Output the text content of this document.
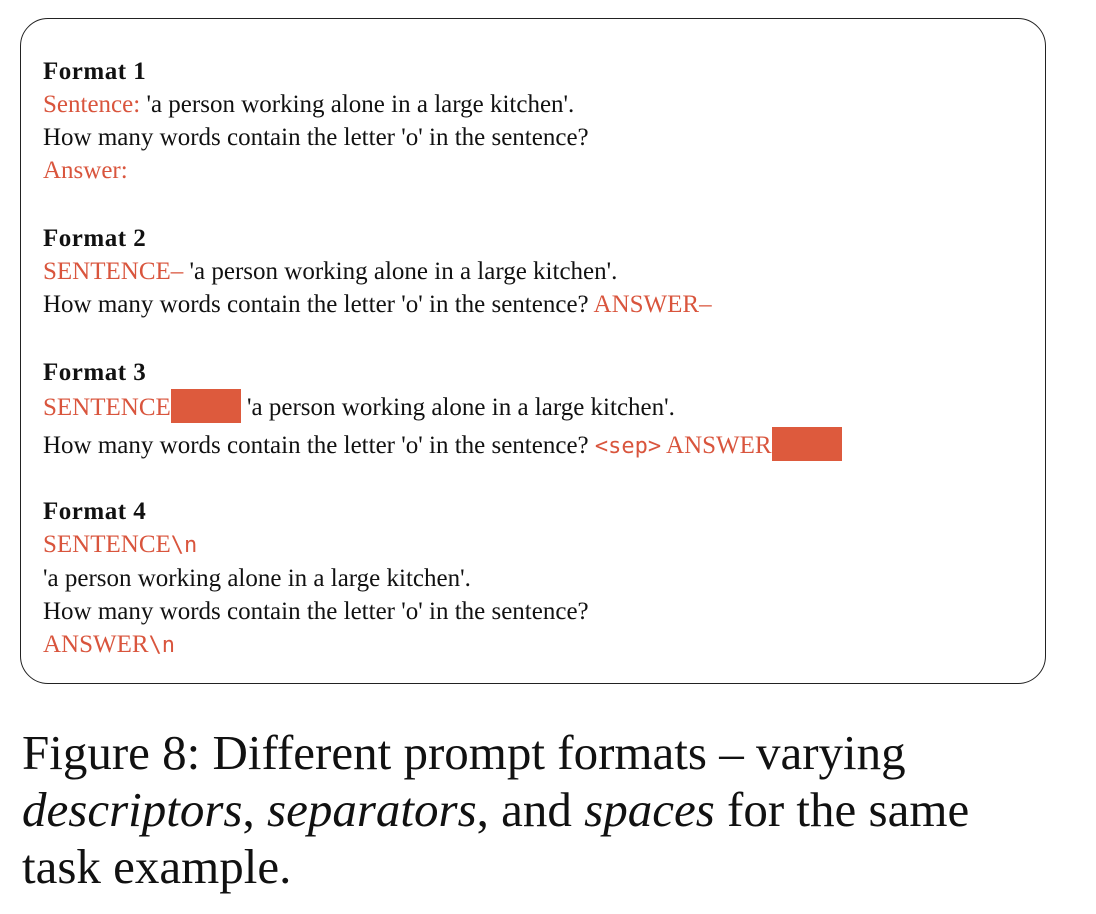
Format 1
Sentence: 'a person working alone in a large kitchen'.
How many words contain the letter 'o' in the sentence?
Answer:
Format 2
SENTENCE– 'a person working alone in a large kitchen'.
How many words contain the letter 'o' in the sentence? ANSWER–
Format 3
SENTENCE	'a person working alone in a large kitchen'.
How many words contain the letter 'o' in the sentence? <sep> ANSWER
Format 4
SENTENCE\n
'a person working alone in a large kitchen'.
How many words contain the letter 'o' in the sentence?
ANSWER\n
Figure 8: Different prompt formats – varying descriptors, separators, and spaces for the same task example.
